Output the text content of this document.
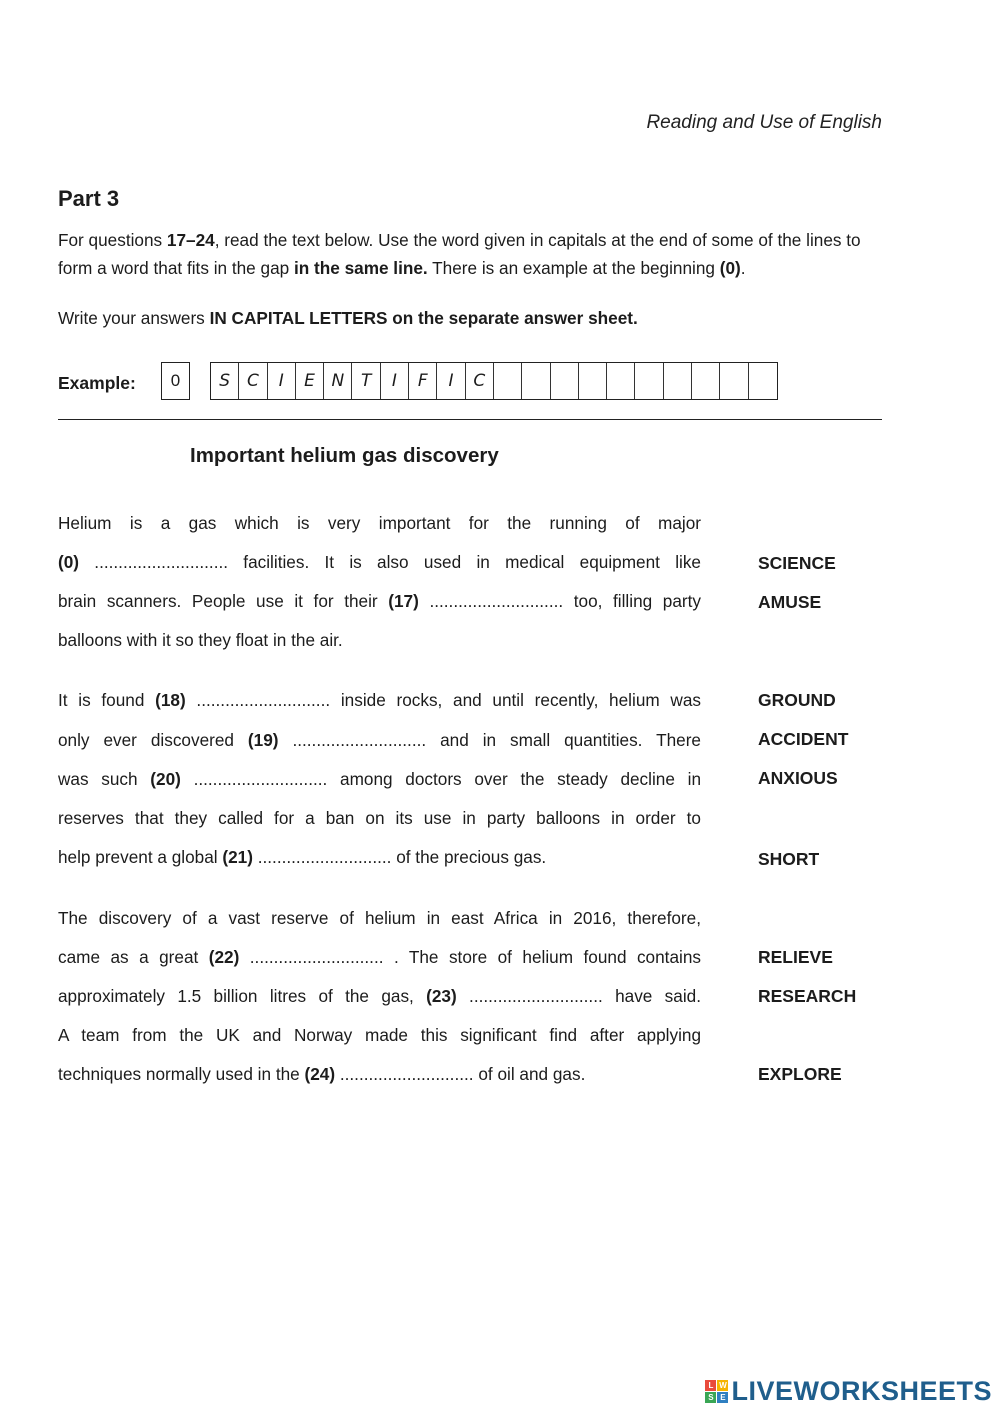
Reading and Use of English
Part 3
For questions 17–24, read the text below. Use the word given in capitals at the end of some of the lines to form a word that fits in the gap in the same line. There is an example at the beginning (0).
Write your answers IN CAPITAL LETTERS on the separate answer sheet.
Example:	0	S C	I	E N T	I	F	I	C
Important helium gas discovery
Helium is a gas which is very important for the running of major
(0) ............................ facilities. It is also used in medical equipment like	SCIENCE
brain scanners. People use it for their (17) ............................ too, filling party	AMUSE
balloons with it so they float in the air.
It is found (18) ............................ inside rocks, and until recently, helium was	GROUND
only ever discovered (19) ............................ and in small quantities. There	ACCIDENT
was such (20) ............................ among doctors over the steady decline in	ANXIOUS
reserves that they called for a ban on its use in party balloons in order to
help prevent a global (21) ............................ of the precious gas.	SHORT
The discovery of a vast reserve of helium in east Africa in 2016, therefore,
came as a great (22) ............................ . The store of helium found contains	RELIEVE
approximately 1.5 billion litres of the gas, (23) ............................ have said.	RESEARCH
A team from the UK and Norway made this significant find after applying
techniques normally used in the (24) ............................ of oil and gas.	EXPLORE
L W
S E LIVEWORKSHEETS
